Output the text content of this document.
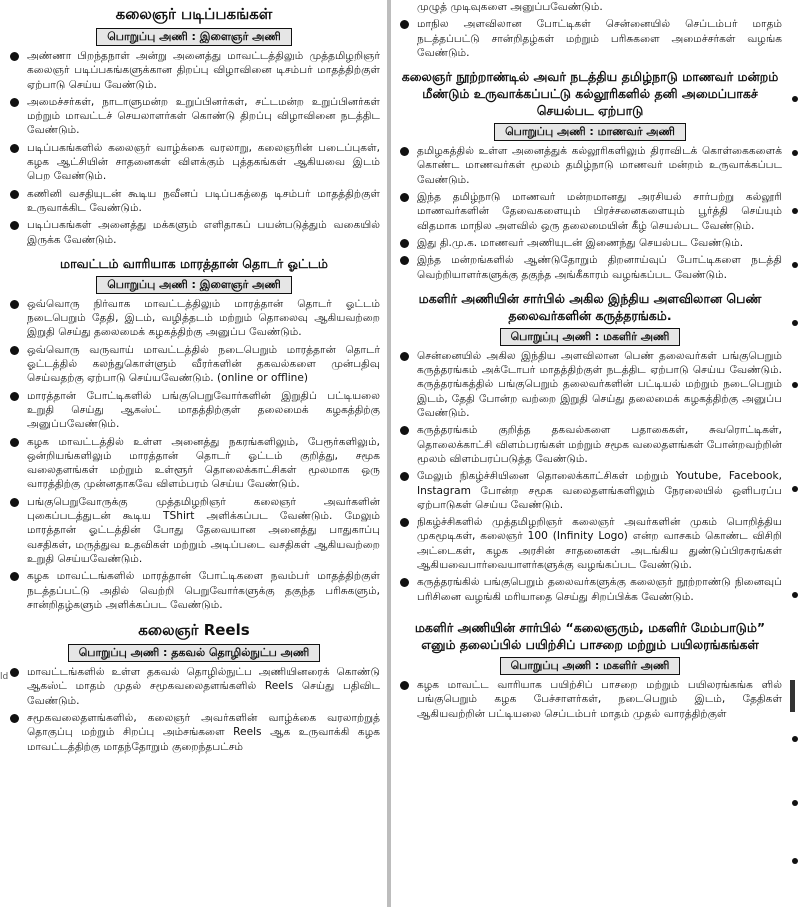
கலைஞர் படிப்பகங்கள்
பொறுப்பு அணி : இளைஞர் அணி
அண்ணா பிறந்தநாள் அன்று அனைத்து மாவட்டத்திலும் முத்தமிழறிஞர் கலைஞர் படிப்பகங்களுக்கான திறப்பு விழாவினை டிசம்பர் மாதத்திற்குள் ஏற்பாடு செய்ய வேண்டும்.
அமைச்சர்கள், நாடாளுமன்ற உறுப்பினர்கள், சட்டமன்ற உறுப்பினர்கள் மற்றும் மாவட்டச் செயலாளர்கள் கொண்டு திறப்பு விழாவினை நடத்திட வேண்டும்.
படிப்பகங்களில் கலைஞர் வாழ்க்கை வரலாறு, கலைஞரின் படைப்புகள், கழக ஆட்சியின் சாதனைகள் விளக்கும் புத்தகங்கள் ஆகியவை இடம் பெற வேண்டும்.
கணினி வசதியுடன் கூடிய நவீனப் படிப்பகத்தை டிசம்பர் மாதத்திற்குள் உருவாக்கிட வேண்டும்.
படிப்பகங்கள் அனைத்து மக்களும் எளிதாகப் பயன்படுத்தும் வகையில் இருக்க வேண்டும்.
மாவட்டம் வாரியாக மாரத்தான் தொடர் ஓட்டம்
பொறுப்பு அணி : இளைஞர் அணி
ஒவ்வொரு நிர்வாக மாவட்டத்திலும் மாரத்தான் தொடர் ஓட்டம் நடைபெறும் தேதி, இடம், வழித்தடம் மற்றும் தொலைவு ஆகியவற்றை இறுதி செய்து தலைமைக் கழகத்திற்கு அனுப்ப வேண்டும்.
ஒவ்வொரு வருவாய் மாவட்டத்தில் நடைபெறும் மாரத்தான் தொடர் ஓட்டத்தில் கலந்துகொள்ளும் வீரர்களின் தகவல்களை முன்பதிவு செய்வதற்கு ஏற்பாடு செய்யவேண்டும். (online or offline)
மாரத்தான் போட்டிகளில் பங்குபெறுவோர்களின் இறுதிப் பட்டியலை உறுதி செய்து ஆகஸ்ட் மாதத்திற்குள் தலைமைக் கழகத்திற்கு அனுப்பவேண்டும்.
கழக மாவட்டத்தில் உள்ள அனைத்து நகரங்களிலும், பேரூர்களிலும், ஒன்றியங்களிலும் மாரத்தான் தொடர் ஓட்டம் குறித்து, சமூக வலைதளங்கள் மற்றும் உள்ளூர் தொலைக்காட்சிகள் மூலமாக ஒரு வாரத்திற்கு முன்னதாகவே விளம்பரம் செய்ய வேண்டும்.
பங்குபெறுவோருக்கு முத்தமிழறிஞர் கலைஞர் அவர்களின் புகைப்படத்துடன் கூடிய TShirt அளிக்கப்பட வேண்டும். மேலும் மாரத்தான் ஓட்டத்தின் போது தேவையான அனைத்து பாதுகாப்பு வசதிகள், மருத்துவ உதவிகள் மற்றும் அடிப்படை வசதிகள் ஆகியவற்றை உறுதி செய்யவேண்டும்.
கழக மாவட்டங்களில் மாரத்தான் போட்டிகளை நவம்பர் மாதத்திற்குள் நடத்தப்பட்டு அதில் வெற்றி பெறுவோர்களுக்கு தகுந்த பரிசுகளும், சான்றிதழ்களும் அளிக்கப்பட வேண்டும்.
கலைஞர் Reels
பொறுப்பு அணி : தகவல் தொழில்நுட்ப அணி
மாவட்டங்களில் உள்ள தகவல் தொழில்நுட்ப அணியினரைக் கொண்டு ஆகஸ்ட் மாதம் முதல் சமூகவலைதளங்களில் Reels செய்து பதிவிட வேண்டும்.
சமூகவலைதளங்களில், கலைஞர் அவர்களின் வாழ்க்கை வரலாற்றுத் தொகுப்பு மற்றும் சிறப்பு அம்சங்களை Reels ஆக உருவாக்கி கழக மாவட்டத்திற்கு மாதந்தோறும் குறைந்தபட்சம்
ld
முழுத் முடிவுகளை அனுப்பவேண்டும்.
மாநில அளவிலான போட்டிகள் சென்னையில் செப்டம்பர் மாதம் நடத்தப்பட்டு சான்றிதழ்கள் மற்றும் பரிசுகளை அமைச்சர்கள் வழங்க வேண்டும்.
கலைஞர் நூற்றாண்டில் அவர் நடத்திய தமிழ்நாடு மாணவர் மன்றம் மீண்டும் உருவாக்கப்பட்டு கல்லூரிகளில் தனி அமைப்பாகச் செயல்பட ஏற்பாடு
பொறுப்பு அணி : மாணவர் அணி
தமிழகத்தில் உள்ள அனைத்துக் கல்லூரிகளிலும் திராவிடக் கொள்கைகளைக் கொண்ட மாணவர்கள் மூலம் தமிழ்நாடு மாணவர் மன்றம் உருவாக்கப்பட வேண்டும்.
இந்த தமிழ்நாடு மாணவர் மன்றமானது அரசியல் சார்பற்று கல்லூரி மாணவர்களின் தேவைகளையும் பிரச்சனைகளையும் பூர்த்தி செய்யும் விதமாக மாநில அளவில் ஒரு தலைமையின் கீழ் செயல்பட வேண்டும்.
இது தி.மு.க. மாணவர் அணியுடன் இணைந்து செயல்பட வேண்டும்.
இந்த மன்றங்களில் ஆண்டுதோறும் திறனாய்வுப் போட்டிகளை நடத்தி வெற்றியாளர்களுக்கு தகுந்த அங்கீகாரம் வழங்கப்பட வேண்டும்.
மகளிர் அணியின் சார்பில் அகில இந்திய அளவிலான பெண் தலைவர்களின் கருத்தரங்கம்.
பொறுப்பு அணி : மகளிர் அணி
சென்னையில் அகில இந்திய அளவிலான பெண் தலைவர்கள் பங்குபெறும் கருத்தரங்கம் அக்டோபர் மாதத்திற்குள் நடத்திட ஏற்பாடு செய்ய வேண்டும். கருத்தரங்கத்தில் பங்குபெறும் தலைவர்களின் பட்டியல் மற்றும் நடைபெறும் இடம், தேதி போன்ற வற்றை இறுதி செய்து தலைமைக் கழகத்திற்கு அனுப்ப வேண்டும்.
கருத்தரங்கம் குறித்த தகவல்களை பதாகைகள், சுவரொட்டிகள், தொலைக்காட்சி விளம்பரங்கள் மற்றும் சமூக வலைதளங்கள் போன்றவற்றின் மூலம் விளம்பரப்படுத்த வேண்டும்.
மேலும் நிகழ்ச்சியினை தொலைக்காட்சிகள் மற்றும் Youtube, Facebook, Instagram போன்ற சமூக வலைதளங்களிலும் நேரலையில் ஒளிபரப்ப ஏற்பாடுகள் செய்ய வேண்டும்.
நிகழ்ச்சிகளில் முத்தமிழறிஞர் கலைஞர் அவர்களின் முகம் பொறித்திய முகமூடிகள், கலைஞர் 100 (Infinity Logo) என்ற வாசகம் கொண்ட விசிறி அட்டைகள், கழக அரசின் சாதனைகள் அடங்கிய துண்டுப்பிரசுரங்கள் ஆகியவைபார்வையாளர்களுக்கு வழங்கப்பட வேண்டும்.
கருத்தரங்கில் பங்குபெறும் தலைவர்களுக்கு கலைஞர் நூற்றாண்டு நினைவுப் பரிசினை வழங்கி மரியாதை செய்து சிறப்பிக்க வேண்டும்.
மகளிர் அணியின் சார்பில் “கலைஞரும், மகளிர் மேம்பாடும்” எனும் தலைப்பில் பயிற்சிப் பாசறை மற்றும் பயிலரங்கங்கள்
பொறுப்பு அணி : மகளிர் அணி
கழக மாவட்ட வாரியாக பயிற்சிப் பாசறை மற்றும் பயிலரங்கங்க ளில் பங்குபெறும் கழக பேச்சாளர்கள், நடைபெறும் இடம், தேதிகள் ஆகியவற்றின் பட்டியலை செப்டம்பர் மாதம் முதல் வாரத்திற்குள்
